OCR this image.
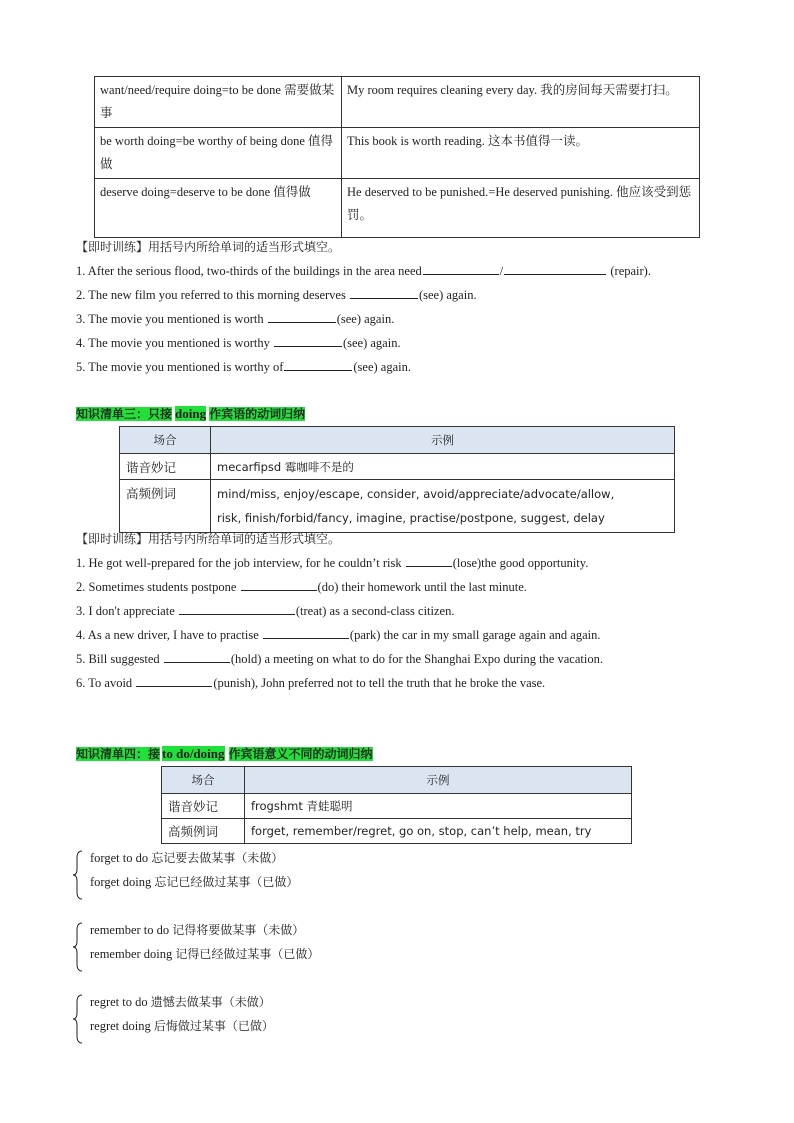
want/need/require doing=to be done 需要做某事	My room requires cleaning every day. 我的房间每天需要打扫。
be worth doing=be worthy of being done 值得做	This book is worth reading. 这本书值得一读。
deserve doing=deserve to be done 值得做	He deserved to be punished.=He deserved punishing. 他应该受到惩罚。
【即时训练】用括号内所给单词的适当形式填空。
1. After the serious flood, two-thirds of the buildings in the area need	/	(repair).
2. The new film you referred to this morning deserves	(see) again.
3. The movie you mentioned is worth	(see) again.
4. The movie you mentioned is worthy	(see) again.
5. The movie you mentioned is worthy of	(see) again.
知识清单三：只接 doing 作宾语的动词归纳
场合	示例
谐音妙记	mecarfipsd 霉咖啡不是的
高频例词	mind/miss, enjoy/escape, consider, avoid/appreciate/advocate/allow,
risk, finish/forbid/fancy, imagine, practise/postpone, suggest, delay
【即时训练】用括号内所给单词的适当形式填空。
1. He got well-prepared for the job interview, for he couldn’t risk	(lose)the good opportunity.
2. Sometimes students postpone	(do) their homework until the last minute.
3. I don't appreciate	(treat) as a second-class citizen.
4. As a new driver, I have to practise	(park) the car in my small garage again and again.
5. Bill suggested	(hold) a meeting on what to do for the Shanghai Expo during the vacation.
6. To avoid	(punish), John preferred not to tell the truth that he broke the vase.
知识清单四：接 to do/doing 作宾语意义不同的动词归纳
场合	示例
谐音妙记	frogshmt 青蛙聪明
高频例词	forget, remember/regret, go on, stop, can’t help, mean, try
forget to do 忘记要去做某事（未做）
forget doing 忘记已经做过某事（已做）
remember to do 记得将要做某事（未做）
remember doing 记得已经做过某事（已做）
regret to do 遗憾去做某事（未做）
regret doing 后悔做过某事（已做）
